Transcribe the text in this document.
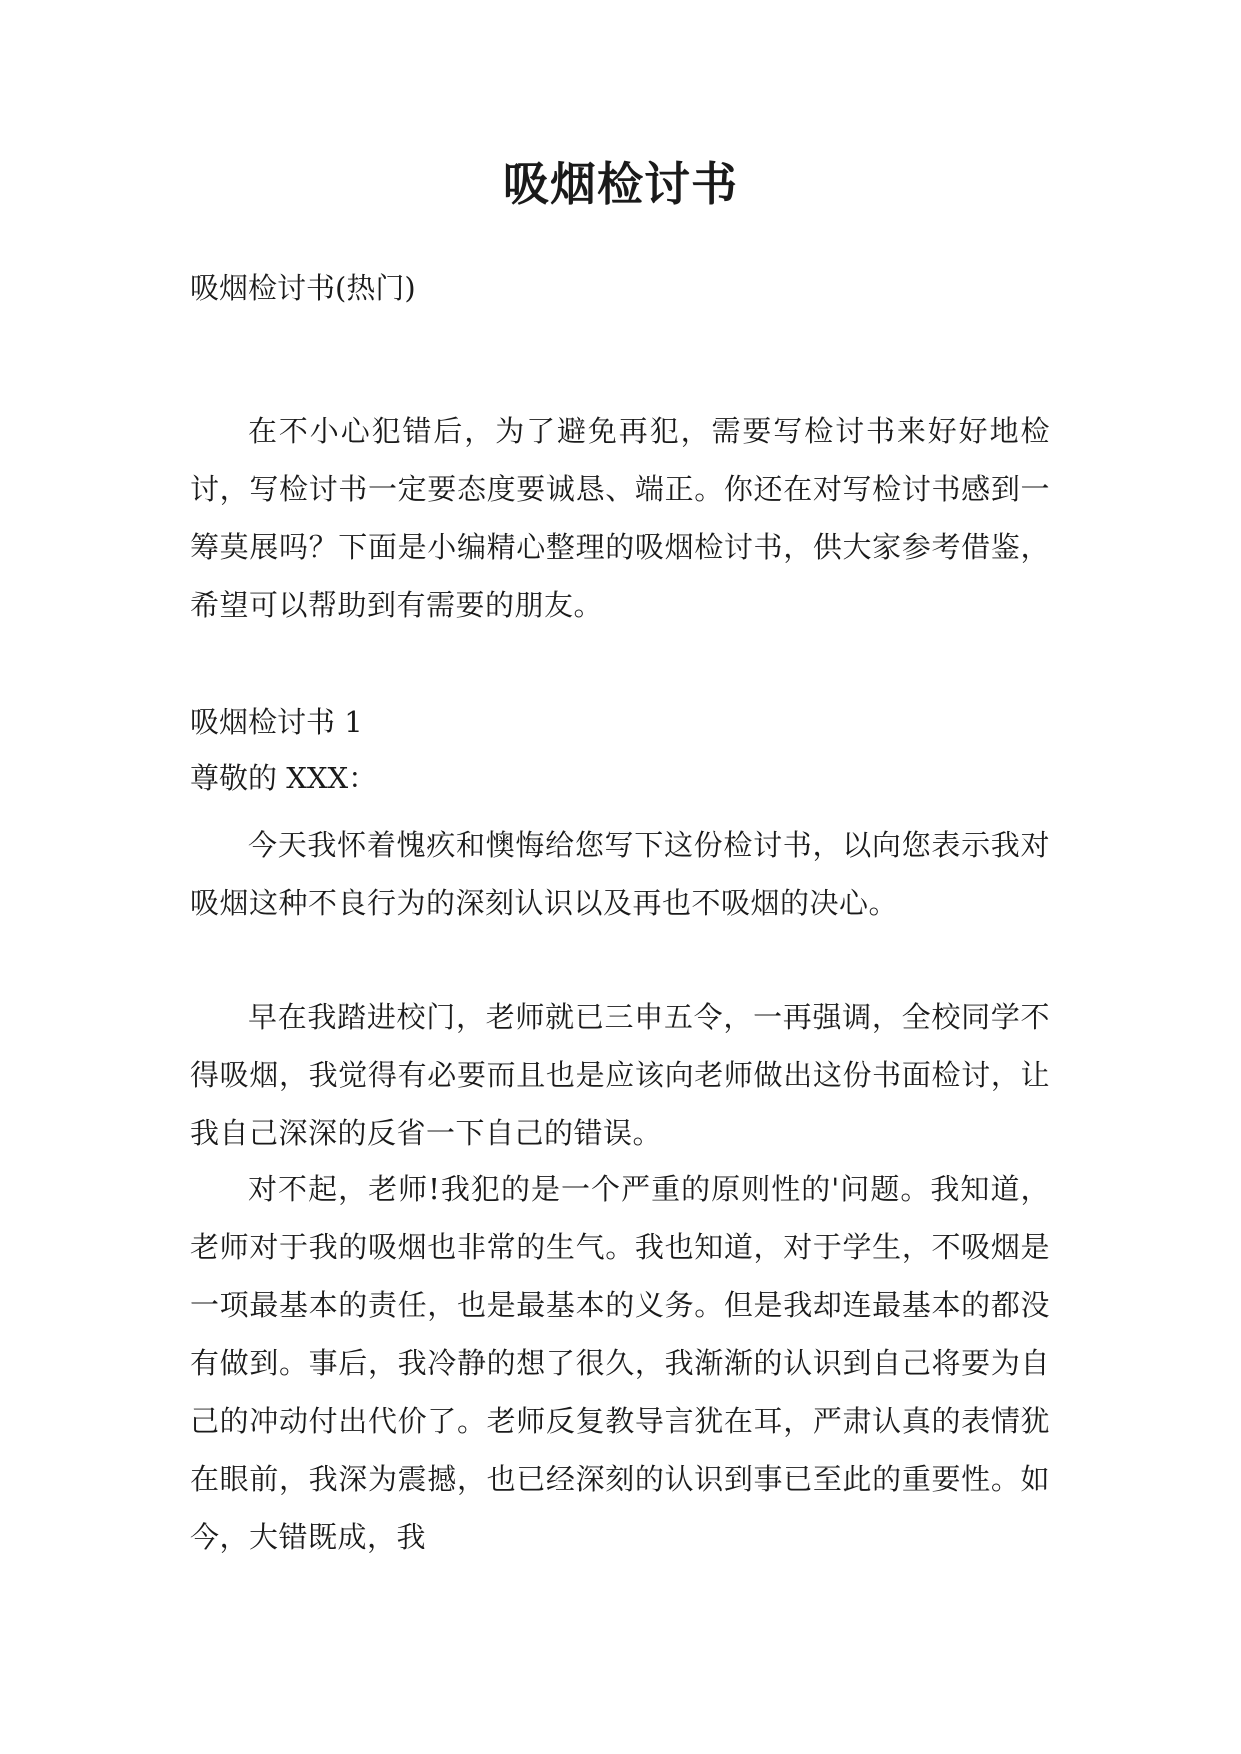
吸烟检讨书

吸烟检讨书(热门)

在不小心犯错后，为了避免再犯，需要写检讨书来好好地检讨，写检讨书一定要态度要诚恳、端正。你还在对写检讨书感到一筹莫展吗？下面是小编精心整理的吸烟检讨书，供大家参考借鉴，希望可以帮助到有需要的朋友。

吸烟检讨书 1

尊敬的 XXX：

今天我怀着愧疚和懊悔给您写下这份检讨书，以向您表示我对吸烟这种不良行为的深刻认识以及再也不吸烟的决心。

早在我踏进校门，老师就已三申五令，一再强调，全校同学不得吸烟，我觉得有必要而且也是应该向老师做出这份书面检讨，让我自己深深的反省一下自己的错误。

对不起，老师!我犯的是一个严重的原则性的'问题。我知道，老师对于我的吸烟也非常的生气。我也知道，对于学生，不吸烟是一项最基本的责任，也是最基本的义务。但是我却连最基本的都没有做到。事后，我冷静的想了很久，我渐渐的认识到自己将要为自己的冲动付出代价了。老师反复教导言犹在耳，严肃认真的表情犹在眼前，我深为震撼，也已经深刻的认识到事已至此的重要性。如今，大错既成，我
